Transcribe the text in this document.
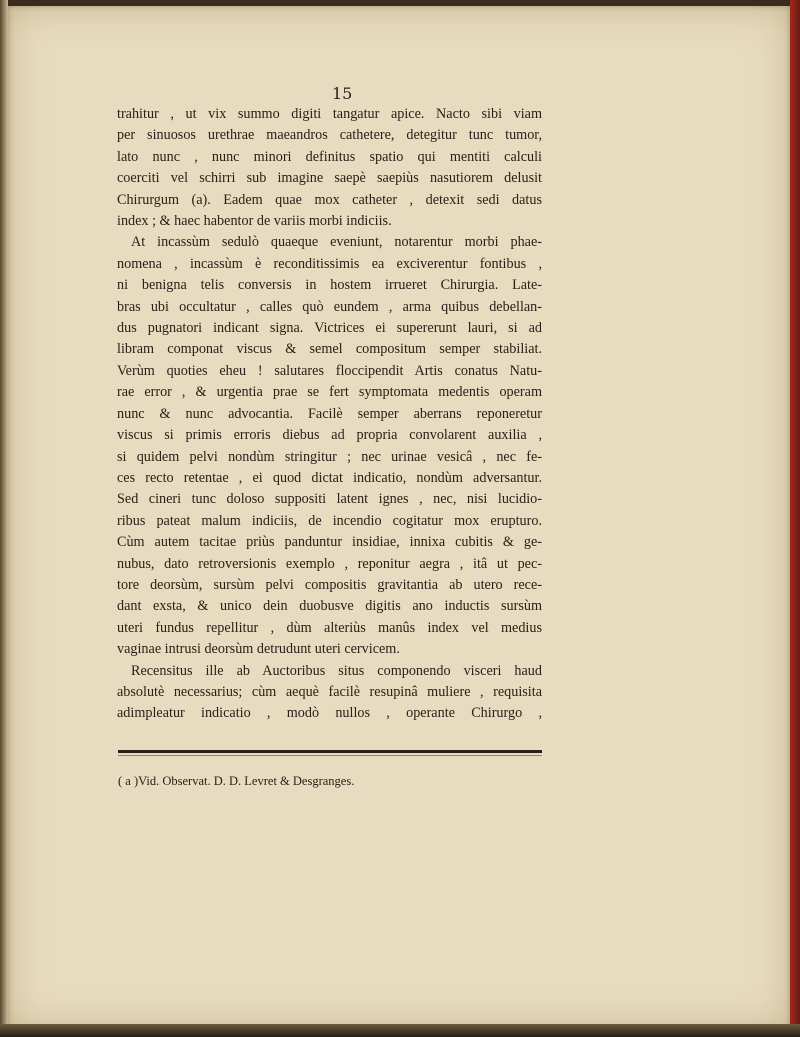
15
trahitur , ut vix summo digiti tangatur apice. Nacto sibi viam
per sinuosos urethrae maeandros cathetere, detegitur tunc tumor,
lato nunc , nunc minori definitus spatio qui mentiti calculi
coerciti vel schirri sub imagine saepè saepiùs nasutiorem delusit
Chirurgum (a). Eadem quae mox catheter , detexit sedi datus
index ; & haec habentor de variis morbi indiciis.
At incassùm sedulò quaeque eveniunt, notarentur morbi phae-
nomena , incassùm è reconditissimis ea exciverentur fontibus ,
ni benigna telis conversis in hostem irrueret Chirurgia. Late-
bras ubi occultatur , calles quò eundem , arma quibus debellan-
dus pugnatori indicant signa. Victrices ei supererunt lauri, si ad
libram componat viscus & semel compositum semper stabiliat.
Verùm quoties eheu ! salutares floccipendit Artis conatus Natu-
rae error , & urgentia prae se fert symptomata medentis operam
nunc & nunc advocantia. Facilè semper aberrans reponeretur
viscus si primis erroris diebus ad propria convolarent auxilia ,
si quidem pelvi nondùm stringitur ; nec urinae vesicâ , nec fe-
ces recto retentae , ei quod dictat indicatio, nondùm adversantur.
Sed cineri tunc doloso suppositi latent ignes , nec, nisi lucidio-
ribus pateat malum indiciis, de incendio cogitatur mox erupturo.
Cùm autem tacitae priùs panduntur insidiae, innixa cubitis & ge-
nubus, dato retroversionis exemplo , reponitur aegra , itâ ut pec-
tore deorsùm, sursùm pelvi compositis gravitantia ab utero rece-
dant exsta, & unico dein duobusve digitis ano inductis sursùm
uteri fundus repellitur , dùm alteriùs manûs index vel medius
vaginae intrusi deorsùm detrudunt uteri cervicem.
Recensitus ille ab Auctoribus situs componendo visceri haud
absolutè necessarius; cùm aequè facilè resupinâ muliere , requisita
adimpleatur indicatio , modò nullos , operante Chirurgo ,
( a )Vid. Observat. D. D. Levret & Desgranges.
